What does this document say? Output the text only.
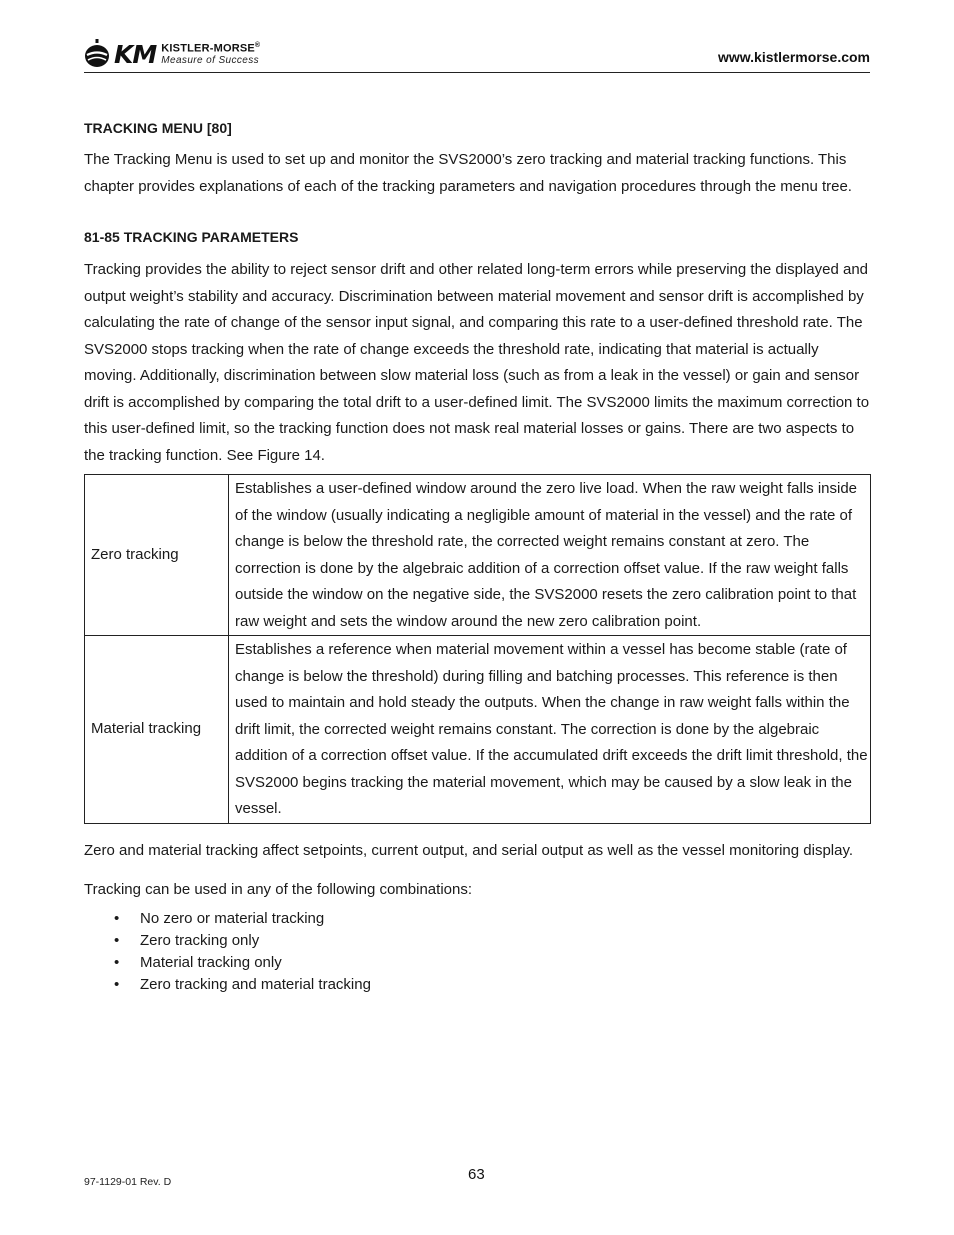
KM KISTLER-MORSE®
Measure of Success	www.kistlermorse.com
TRACKING MENU [80]

The Tracking Menu is used to set up and monitor the SVS2000’s zero tracking and material tracking functions. This chapter provides explanations of each of the tracking parameters and navigation procedures through the menu tree.

81-85 TRACKING PARAMETERS

Tracking provides the ability to reject sensor drift and other related long-term errors while preserving the displayed and output weight’s stability and accuracy. Discrimination between material movement and sensor drift is accomplished by calculating the rate of change of the sensor input signal, and comparing this rate to a user-defined threshold rate. The SVS2000 stops tracking when the rate of change exceeds the threshold rate, indicating that material is actually moving. Additionally, discrimination between slow material loss (such as from a leak in the vessel) or gain and sensor drift is accomplished by comparing the total drift to a user-defined limit. The SVS2000 limits the maximum correction to this user-defined limit, so the tracking function does not mask real material losses or gains. There are two aspects to the tracking function. See Figure 14.

Zero tracking	Establishes a user-defined window around the zero live load. When the raw weight falls inside of the window (usually indicating a negligible amount of material in the vessel) and the rate of change is below the threshold rate, the corrected weight remains constant at zero. The correction is done by the algebraic addition of a correction offset value. If the raw weight falls outside the window on the negative side, the SVS2000 resets the zero calibration point to that raw weight and sets the window around the new zero calibration point.

Material tracking	Establishes a reference when material movement within a vessel has become stable (rate of change is below the threshold) during filling and batching processes. This reference is then used to maintain and hold steady the outputs. When the change in raw weight falls within the drift limit, the corrected weight remains constant. The correction is done by the algebraic addition of a correction offset value. If the accumulated drift exceeds the drift limit threshold, the SVS2000 begins tracking the material movement, which may be caused by a slow leak in the vessel.

Zero and material tracking affect setpoints, current output, and serial output as well as the vessel monitoring display.

Tracking can be used in any of the following combinations:

• No zero or material tracking
• Zero tracking only
• Material tracking only
• Zero tracking and material tracking
97-1129-01 Rev. D	63
